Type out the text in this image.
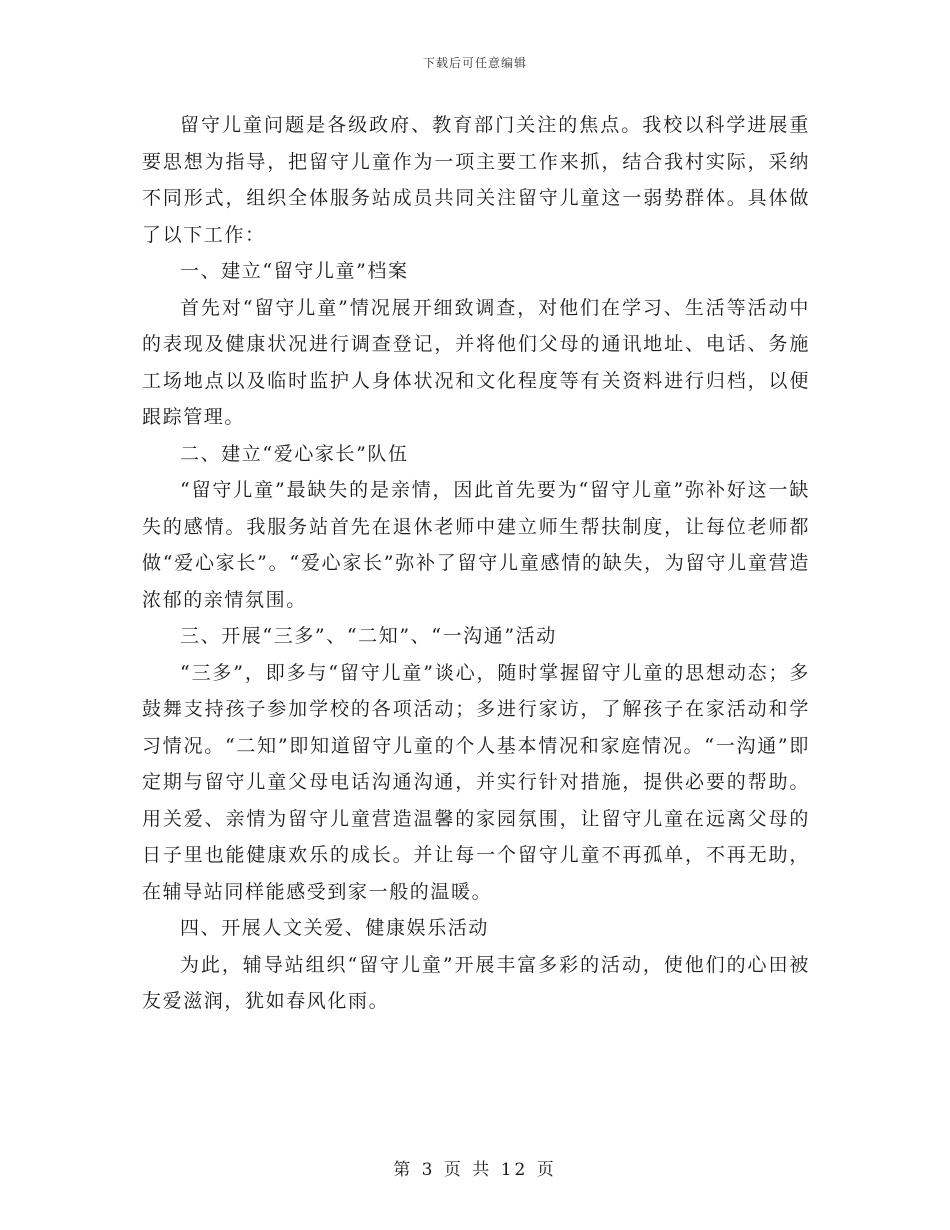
下载后可任意编辑

留守儿童问题是各级政府、教育部门关注的焦点。我校以科学进展重要思想为指导，把留守儿童作为一项主要工作来抓，结合我村实际，采纳不同形式，组织全体服务站成员共同关注留守儿童这一弱势群体。具体做了以下工作：

一、建立“留守儿童”档案

首先对“留守儿童”情况展开细致调查，对他们在学习、生活等活动中的表现及健康状况进行调查登记，并将他们父母的通讯地址、电话、务施工场地点以及临时监护人身体状况和文化程度等有关资料进行归档，以便跟踪管理。

二、建立“爱心家长”队伍

“留守儿童”最缺失的是亲情，因此首先要为“留守儿童”弥补好这一缺失的感情。我服务站首先在退休老师中建立师生帮扶制度，让每位老师都做“爱心家长”。“爱心家长”弥补了留守儿童感情的缺失，为留守儿童营造浓郁的亲情氛围。

三、开展“三多”、“二知”、“一沟通”活动

“三多”，即多与“留守儿童”谈心，随时掌握留守儿童的思想动态；多鼓舞支持孩子参加学校的各项活动；多进行家访，了解孩子在家活动和学习情况。“二知”即知道留守儿童的个人基本情况和家庭情况。“一沟通”即定期与留守儿童父母电话沟通沟通，并实行针对措施，提供必要的帮助。用关爱、亲情为留守儿童营造温馨的家园氛围，让留守儿童在远离父母的日子里也能健康欢乐的成长。并让每一个留守儿童不再孤单，不再无助，在辅导站同样能感受到家一般的温暖。

四、开展人文关爱、健康娱乐活动

为此，辅导站组织“留守儿童”开展丰富多彩的活动，使他们的心田被友爱滋润，犹如春风化雨。

第 3 页 共 12 页
